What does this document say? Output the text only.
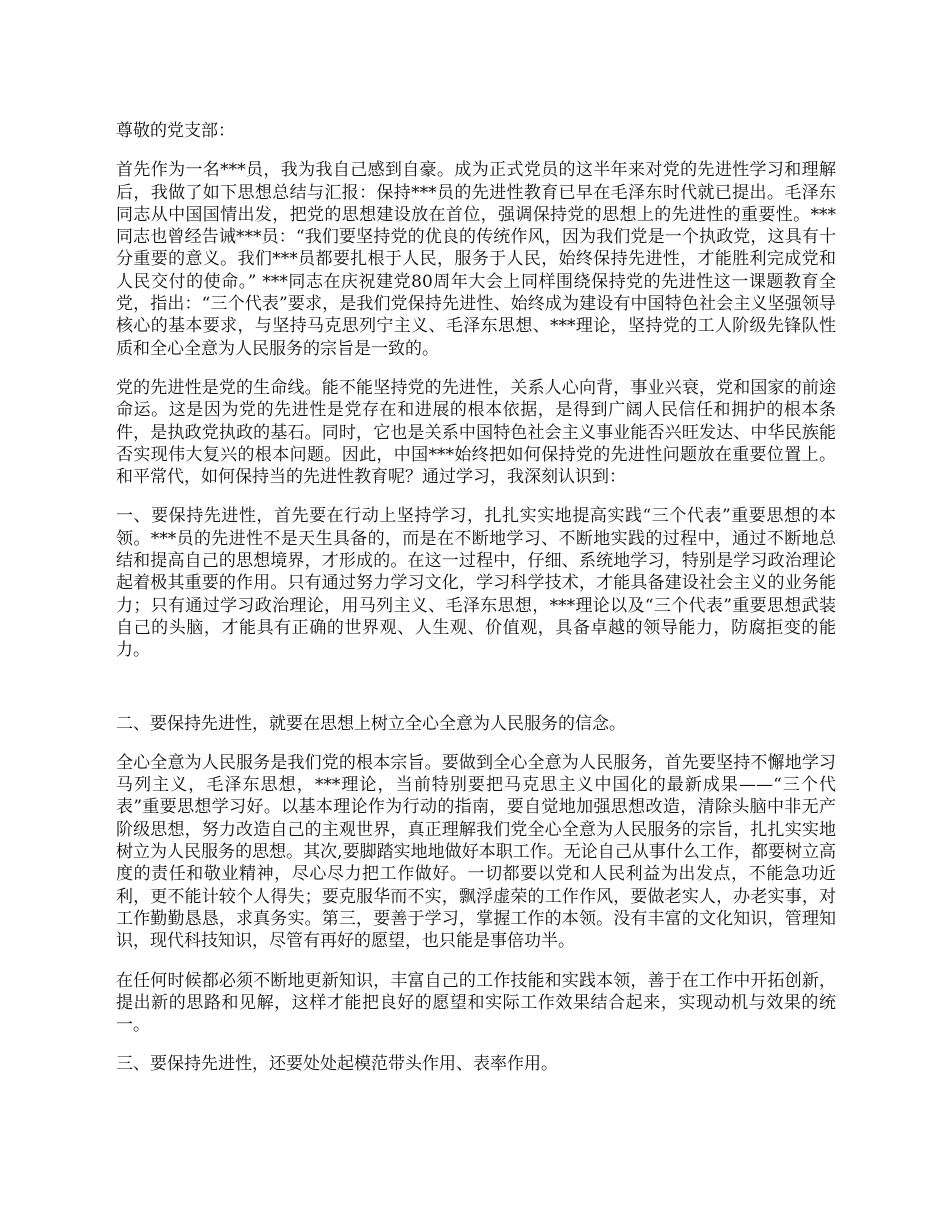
尊敬的党支部：

首先作为一名***员，我为我自己感到自豪。成为正式党员的这半年来对党的先进性学习和理解后，我做了如下思想总结与汇报：保持***员的先进性教育已早在毛泽东时代就已提出。毛泽东同志从中国国情出发，把党的思想建设放在首位，强调保持党的思想上的先进性的重要性。***同志也曾经告诫***员：“我们要坚持党的优良的传统作风，因为我们党是一个执政党，这具有十分重要的意义。我们***员都要扎根于人民，服务于人民，始终保持先进性，才能胜利完成党和人民交付的使命。” ***同志在庆祝建党80周年大会上同样围绕保持党的先进性这一课题教育全党，指出：“三个代表”要求，是我们党保持先进性、始终成为建设有中国特色社会主义坚强领导核心的基本要求，与坚持马克思列宁主义、毛泽东思想、***理论，坚持党的工人阶级先锋队性质和全心全意为人民服务的宗旨是一致的。

党的先进性是党的生命线。能不能坚持党的先进性，关系人心向背，事业兴衰，党和国家的前途命运。这是因为党的先进性是党存在和进展的根本依据，是得到广阔人民信任和拥护的根本条件，是执政党执政的基石。同时，它也是关系中国特色社会主义事业能否兴旺发达、中华民族能否实现伟大复兴的根本问题。因此，中国***始终把如何保持党的先进性问题放在重要位置上。和平常代，如何保持当的先进性教育呢？通过学习，我深刻认识到：

一、要保持先进性，首先要在行动上坚持学习，扎扎实实地提高实践“三个代表”重要思想的本领。***员的先进性不是天生具备的，而是在不断地学习、不断地实践的过程中，通过不断地总结和提高自己的思想境界，才形成的。在这一过程中，仔细、系统地学习，特别是学习政治理论起着极其重要的作用。只有通过努力学习文化，学习科学技术，才能具备建设社会主义的业务能力；只有通过学习政治理论，用马列主义、毛泽东思想，***理论以及“三个代表”重要思想武装自己的头脑，才能具有正确的世界观、人生观、价值观，具备卓越的领导能力，防腐拒变的能力。

二、要保持先进性，就要在思想上树立全心全意为人民服务的信念。

全心全意为人民服务是我们党的根本宗旨。要做到全心全意为人民服务，首先要坚持不懈地学习马列主义，毛泽东思想，***理论，当前特别要把马克思主义中国化的最新成果——“三个代表”重要思想学习好。以基本理论作为行动的指南，要自觉地加强思想改造，清除头脑中非无产阶级思想，努力改造自己的主观世界，真正理解我们党全心全意为人民服务的宗旨，扎扎实实地树立为人民服务的思想。其次,要脚踏实地地做好本职工作。无论自己从事什么工作，都要树立高度的责任和敬业精神，尽心尽力把工作做好。一切都要以党和人民利益为出发点，不能急功近利，更不能计较个人得失；要克服华而不实，飘浮虚荣的工作作风，要做老实人，办老实事，对工作勤勤恳恳，求真务实。第三，要善于学习，掌握工作的本领。没有丰富的文化知识，管理知识，现代科技知识，尽管有再好的愿望，也只能是事倍功半。

在任何时候都必须不断地更新知识，丰富自己的工作技能和实践本领，善于在工作中开拓创新，提出新的思路和见解，这样才能把良好的愿望和实际工作效果结合起来，实现动机与效果的统一。

三、要保持先进性，还要处处起模范带头作用、表率作用。
